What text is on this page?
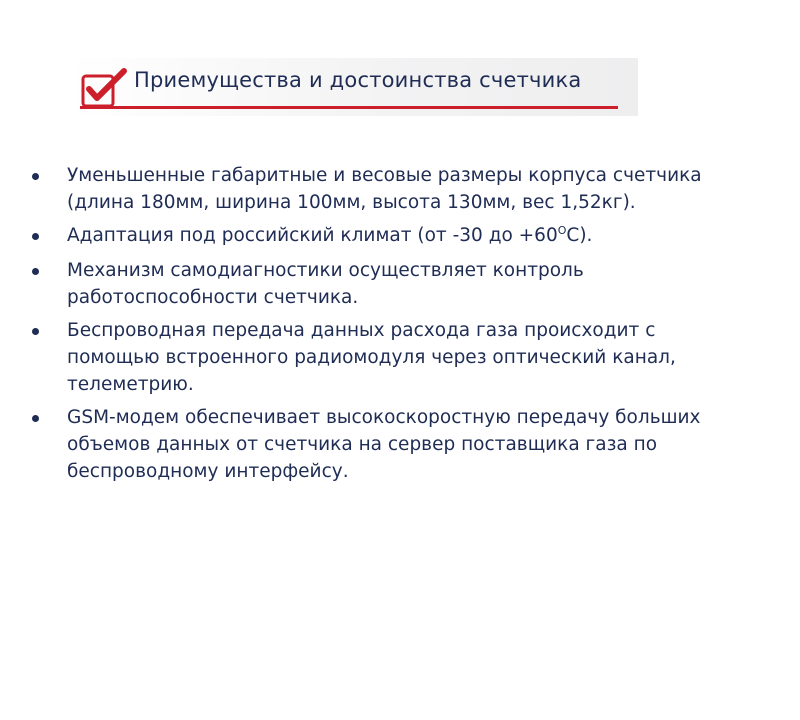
Приемущества и достоинства счетчика
Уменьшенные габаритные и весовые размеры корпуса счетчика (длина 180мм, ширина 100мм, высота 130мм, вес 1,52кг).
Адаптация под российский климат (от -30 до $+60^ОС$).
Механизм самодиагностики осуществляет контроль работоспособности счетчика.
Беспроводная передача данных расхода газа происходит с помощью встроенного радиомодуля через оптический канал, телеметрию.
GSM-модем обеспечивает высокоскоростную передачу больших объемов данных от счетчика на сервер поставщика газа по беспроводному интерфейсу.
